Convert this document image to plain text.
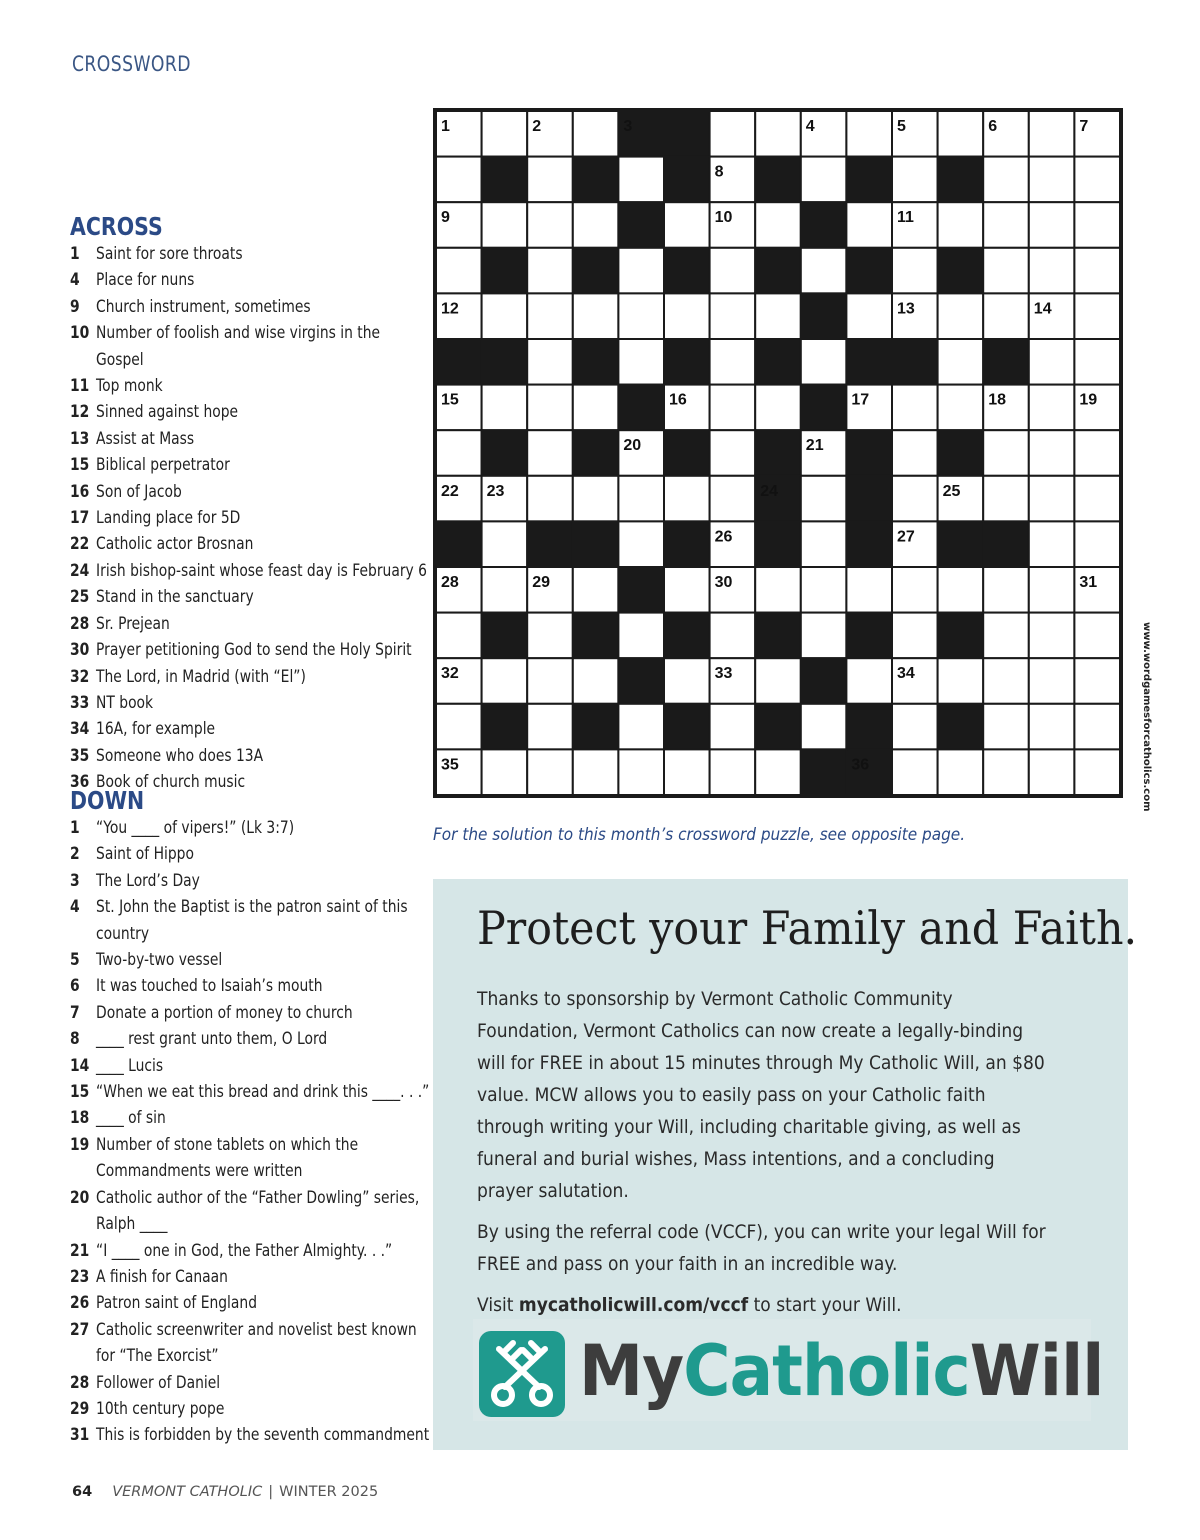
CROSSWORD
ACROSS
1 Saint for sore throats
4 Place for nuns
9 Church instrument, sometimes
10 Number of foolish and wise virgins in the Gospel
11 Top monk
12 Sinned against hope
13 Assist at Mass
15 Biblical perpetrator
16 Son of Jacob
17 Landing place for 5D
22 Catholic actor Brosnan
24 Irish bishop-saint whose feast day is February 6
25 Stand in the sanctuary
28 Sr. Prejean
30 Prayer petitioning God to send the Holy Spirit
32 The Lord, in Madrid (with “El”)
33 NT book
34 16A, for example
35 Someone who does 13A
36 Book of church music
DOWN
1 “You ____ of vipers!” (Lk 3:7)
2 Saint of Hippo
3 The Lord’s Day
4 St. John the Baptist is the patron saint of this country
5 Two-by-two vessel
6 It was touched to Isaiah’s mouth
7 Donate a portion of money to church
8 ____ rest grant unto them, O Lord
14 ____ Lucis
15 “When we eat this bread and drink this ____. . .”
18 ____ of sin
19 Number of stone tablets on which the Commandments were written
20 Catholic author of the “Father Dowling” series, Ralph ____
21 “I ____ one in God, the Father Almighty. . .”
23 A finish for Canaan
26 Patron saint of England
27 Catholic screenwriter and novelist best known for “The Exorcist”
28 Follower of Daniel
29 10th century pope
31 This is forbidden by the seventh commandment
1	2	3	4	5	6	7
8
9	10	11
12	13	14
15	16	17	18	19
20	21
22 23	24	25
26	27
28	29	30	31
32	33	34
35	36
For the solution to this month’s crossword puzzle, see opposite page.
www.wordgamesforcatholics.com
Protect your Family and Faith.

Thanks to sponsorship by Vermont Catholic Community Foundation, Vermont Catholics can now create a legally-binding will for FREE in about 15 minutes through My Catholic Will, an $80 value. MCW allows you to easily pass on your Catholic faith through writing your Will, including charitable giving, as well as funeral and burial wishes, Mass intentions, and a concluding prayer salutation.

By using the referral code (VCCF), you can write your legal Will for FREE and pass on your faith in an incredible way.

Visit mycatholicwill.com/vccf to start your Will.

MyCatholicWill
64 VERMONT CATHOLIC | WINTER 2025
